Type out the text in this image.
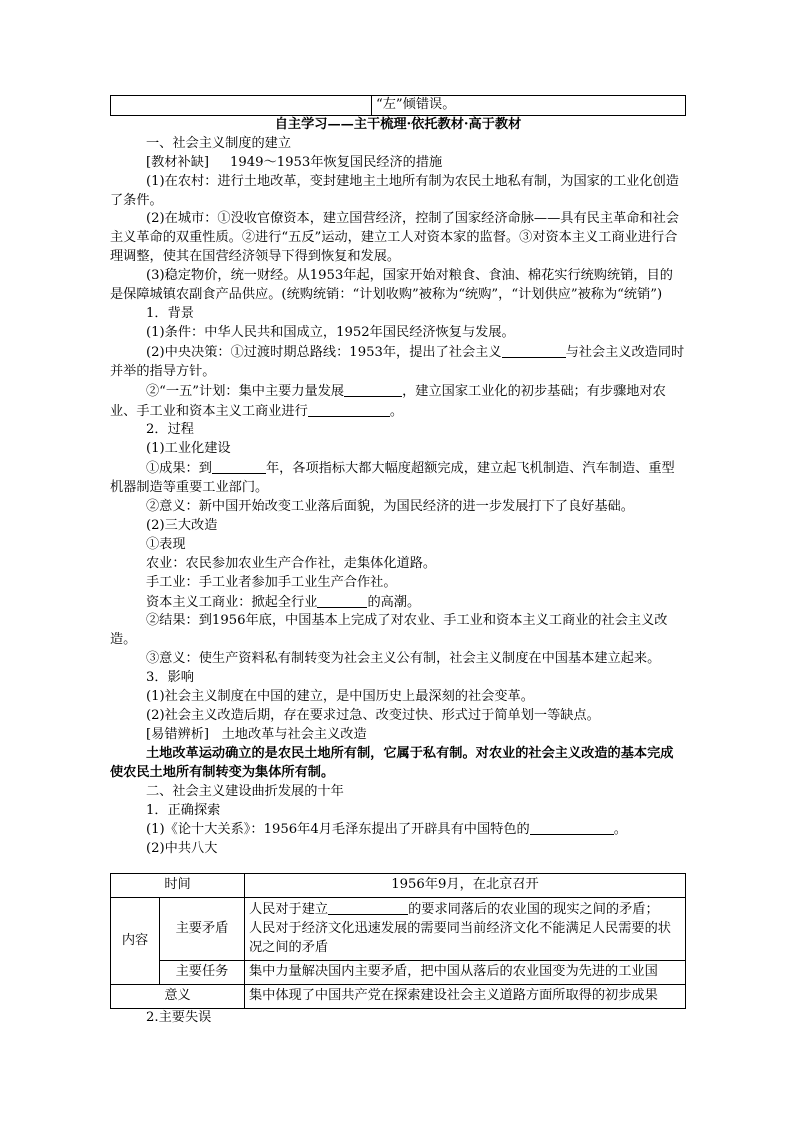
	“左”倾错误。

自主学习——主干梳理·依托教材·高于教材

一、社会主义制度的建立

[教材补缺] 1949～1953年恢复国民经济的措施

(1)在农村：进行土地改革，变封建地主土地所有制为农民土地私有制，为国家的工业化创造了条件。

(2)在城市：①没收官僚资本，建立国营经济，控制了国家经济命脉——具有民主革命和社会主义革命的双重性质。②进行“五反”运动，建立工人对资本家的监督。③对资本主义工商业进行合理调整，使其在国营经济领导下得到恢复和发展。

(3)稳定物价，统一财经。从1953年起，国家开始对粮食、食油、棉花实行统购统销，目的是保障城镇农副食产品供应。(统购统销：“计划收购”被称为“统购”，“计划供应”被称为“统销”)

1．背景

(1)条件：中华人民共和国成立，1952年国民经济恢复与发展。

(2)中央决策：①过渡时期总路线：1953年，提出了社会主义	与社会主义改造同时并举的指导方针。

②“一五”计划：集中主要力量发展	，建立国家工业化的初步基础；有步骤地对农业、手工业和资本主义工商业进行	。

2．过程

(1)工业化建设

①成果：到	年，各项指标大都大幅度超额完成，建立起飞机制造、汽车制造、重型机器制造等重要工业部门。

②意义：新中国开始改变工业落后面貌，为国民经济的进一步发展打下了良好基础。

(2)三大改造

①表现

农业：农民参加农业生产合作社，走集体化道路。

手工业：手工业者参加手工业生产合作社。

资本主义工商业：掀起全行业	的高潮。

②结果：到1956年底，中国基本上完成了对农业、手工业和资本主义工商业的社会主义改造。

③意义：使生产资料私有制转变为社会主义公有制，社会主义制度在中国基本建立起来。

3．影响

(1)社会主义制度在中国的建立，是中国历史上最深刻的社会变革。

(2)社会主义改造后期，存在要求过急、改变过快、形式过于简单划一等缺点。

[易错辨析] 土地改革与社会主义改造

土地改革运动确立的是农民土地所有制，它属于私有制。对农业的社会主义改造的基本完成使农民土地所有制转变为集体所有制。

二、社会主义建设曲折发展的十年

1．正确探索

(1)《论十大关系》：1956年4月毛泽东提出了开辟具有中国特色的	。

(2)中共八大

时间		1956年9月，在北京召开
内容	主要矛盾	人民对于建立 的要求同落后的农业国的现实之间的矛盾；
人民对于经济文化迅速发展的需要同当前经济文化不能满足人民需要的状况之间的矛盾
	主要任务	集中力量解决国内主要矛盾，把中国从落后的农业国变为先进的工业国
意义		集中体现了中国共产党在探索建设社会主义道路方面所取得的初步成果

2.主要失误
